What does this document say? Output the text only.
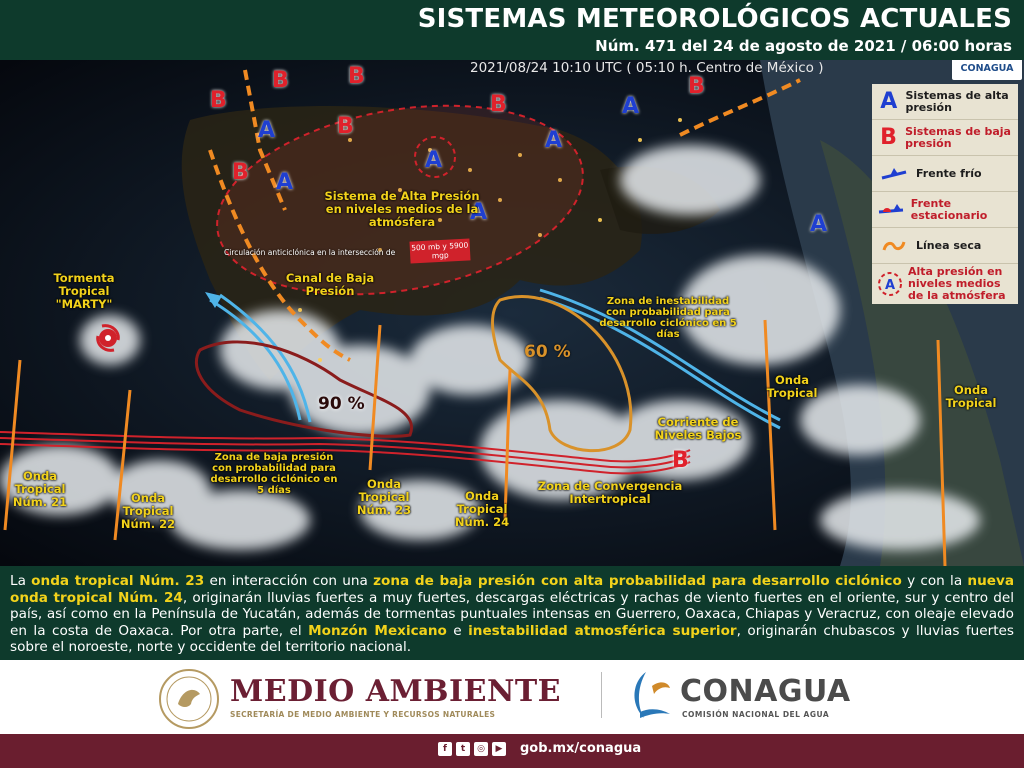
SISTEMAS METEOROLÓGICOS ACTUALES
Núm. 471 del 24 de agosto de 2021 / 06:00 horas
A
A
A
A
A
A	A
B
B	B
B
B
B
B
B
2021/08/24 10:10 UTC ( 05:10 h. Centro de México )	CONAGUA
Tormenta Tropical "MARTY"
Sistema de Alta Presión en niveles medios de la atmósfera
Circulación anticiclónica en la intersección de
500 mb y 5900 mgp
Canal de Baja Presión
Zona de inestabilidad con probabilidad para desarrollo ciclónico en 5 días
Zona de baja presión con probabilidad para desarrollo ciclónico en 5 días
Corriente de Niveles Bajos
Zona de Convergencia Intertropical
Onda Tropical	Onda Tropical
Onda Tropical Núm. 21	Onda Tropical Núm. 22
Onda Tropical Núm. 23
Onda Tropical Núm. 24
90 %
60 %
A Sistemas de alta presión
B Sistemas de baja presión
Frente frío
Frente estacionario
Línea seca
A
Alta presión en niveles medios de la atmósfera
La onda tropical Núm. 23 en interacción con una zona de baja presión con alta probabilidad para desarrollo ciclónico y con la nueva onda tropical Núm. 24, originarán lluvias fuertes a muy fuertes, descargas eléctricas y rachas de viento fuertes en el oriente, sur y centro del país, así como en la Península de Yucatán, además de tormentas puntuales intensas en Guerrero, Oaxaca, Chiapas y Veracruz, con oleaje elevado en la costa de Oaxaca. Por otra parte, el Monzón Mexicano e inestabilidad atmosférica superior, originarán chubascos y lluvias fuertes sobre el noroeste, norte y occidente del territorio nacional.
MEDIO AMBIENTE
SECRETARÍA DE MEDIO AMBIENTE Y RECURSOS NATURALES
CONAGUA
COMISIÓN NACIONAL DEL AGUA
f	t	◎	▶ gob.mx/conagua
